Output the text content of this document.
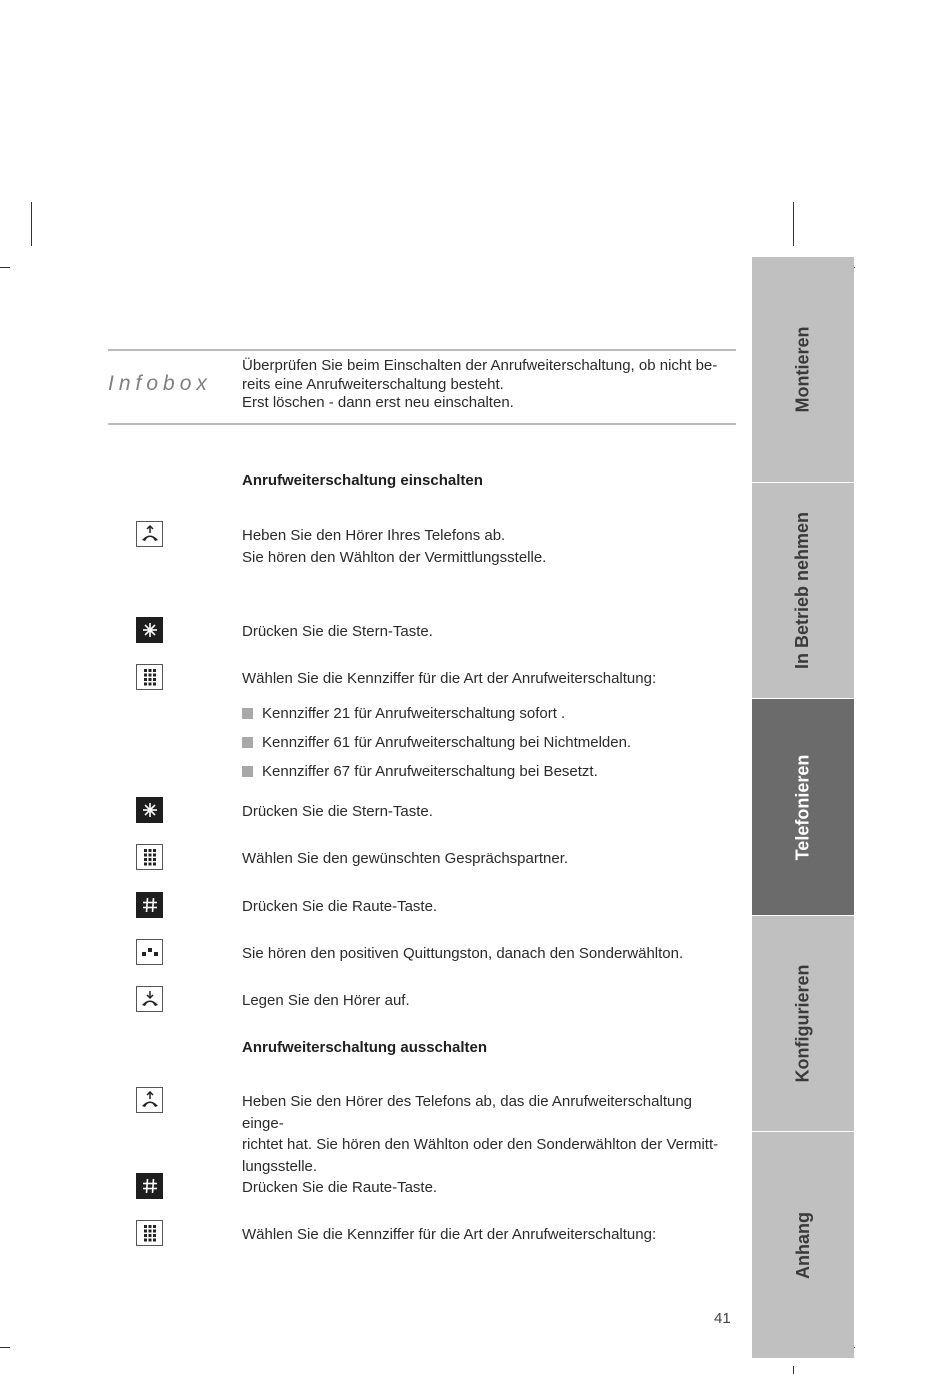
Infobox
Überprüfen Sie beim Einschalten der Anrufweiterschaltung, ob nicht be-
reits eine Anrufweiterschaltung besteht.
Erst löschen - dann erst neu einschalten.
Anrufweiterschaltung einschalten
Heben Sie den Hörer Ihres Telefons ab.
Sie hören den Wählton der Vermittlungsstelle.
Drücken Sie die Stern-Taste.
Wählen Sie die Kennziffer für die Art der Anrufweiterschaltung:
Kennziffer 21 für Anrufweiterschaltung sofort .
Kennziffer 61 für Anrufweiterschaltung bei Nichtmelden.
Kennziffer 67 für Anrufweiterschaltung bei Besetzt.
Drücken Sie die Stern-Taste.
Wählen Sie den gewünschten Gesprächspartner.
Drücken Sie die Raute-Taste.
Sie hören den positiven Quittungston, danach den Sonderwählton.
Legen Sie den Hörer auf.
Anrufweiterschaltung ausschalten
Heben Sie den Hörer des Telefons ab, das die Anrufweiterschaltung einge-
richtet hat. Sie hören den Wählton oder den Sonderwählton der Vermitt-
lungsstelle.
Drücken Sie die Raute-Taste.
Wählen Sie die Kennziffer für die Art der Anrufweiterschaltung:
Montieren
In Betrieb nehmen
Telefonieren
Konfigurieren
Anhang
41
